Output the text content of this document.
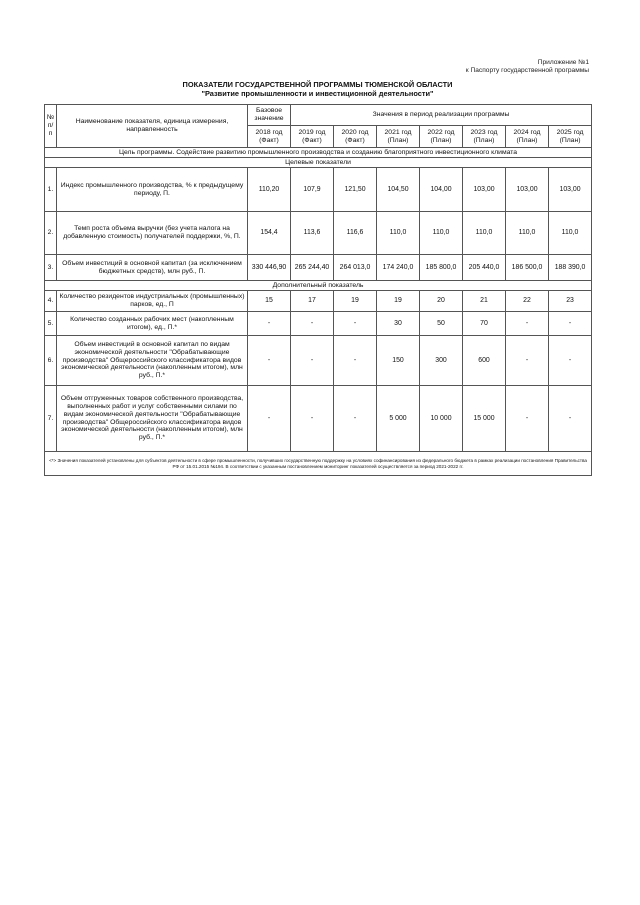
Приложение №1
к Паспорту государственной программы
ПОКАЗАТЕЛИ ГОСУДАРСТВЕННОЙ ПРОГРАММЫ ТЮМЕНСКОЙ ОБЛАСТИ
"Развитие промышленности и инвестиционной деятельности"
№ п/п	Наименование показателя, единица измерения, направленность	Базовое значение	Значения в период реализации программы						
		2018 год (Факт)	2019 год (Факт)	2020 год (Факт)	2021 год (План)	2022 год (План)	2023 год (План)	2024 год (План)	2025 год (План)
Цель программы. Содействие развитию промышленного производства и созданию благоприятного инвестиционного климата									
Целевые показатели									
1.	Индекс промышленного производства, % к предыдущему периоду, П.	110,20	107,9	121,50	104,50	104,00	103,00	103,00	103,00
2.	Темп роста объема выручки (без учета налога на добавленную стоимость) получателей поддержки, %, П.	154,4	113,6	116,6	110,0	110,0	110,0	110,0	110,0
3.	Объем инвестиций в основной капитал (за исключением бюджетных средств), млн руб., П.	330 446,90	265 244,40	264 013,0	174 240,0	185 800,0	205 440,0	186 500,0	188 390,0
Дополнительный показатель									
4.	Количество резидентов индустриальных (промышленных) парков, ед., П	15	17	19	19	20	21	22	23
5.	Количество созданных рабочих мест (накопленным итогом), ед., П.*	-	-	-	30	50	70	-	-
6.	Объем инвестиций в основной капитал по видам экономической деятельности "Обрабатывающие производства" Общероссийского классификатора видов экономической деятельности (накопленным итогом), млн руб., П.*	-	-	-	150	300	600	-	-
7.	Объем отгруженных товаров собственного производства, выполненных работ и услуг собственными силами по видам экономической деятельности "Обрабатывающие производства" Общероссийского классификатора видов экономической деятельности (накопленным итогом), млн руб., П.*	-	-	-	5 000	10 000	15 000	-	-
<*> Значения показателей установлены для субъектов деятельности в сфере промышленности, получивших государственную поддержку на условиях софинансирования из федерального бюджета в рамках реализации постановления Правительства РФ от 15.01.2015 №194. В соответствии с указанным постановлением мониторинг показателей осуществляется за период 2021-2022 гг.									
